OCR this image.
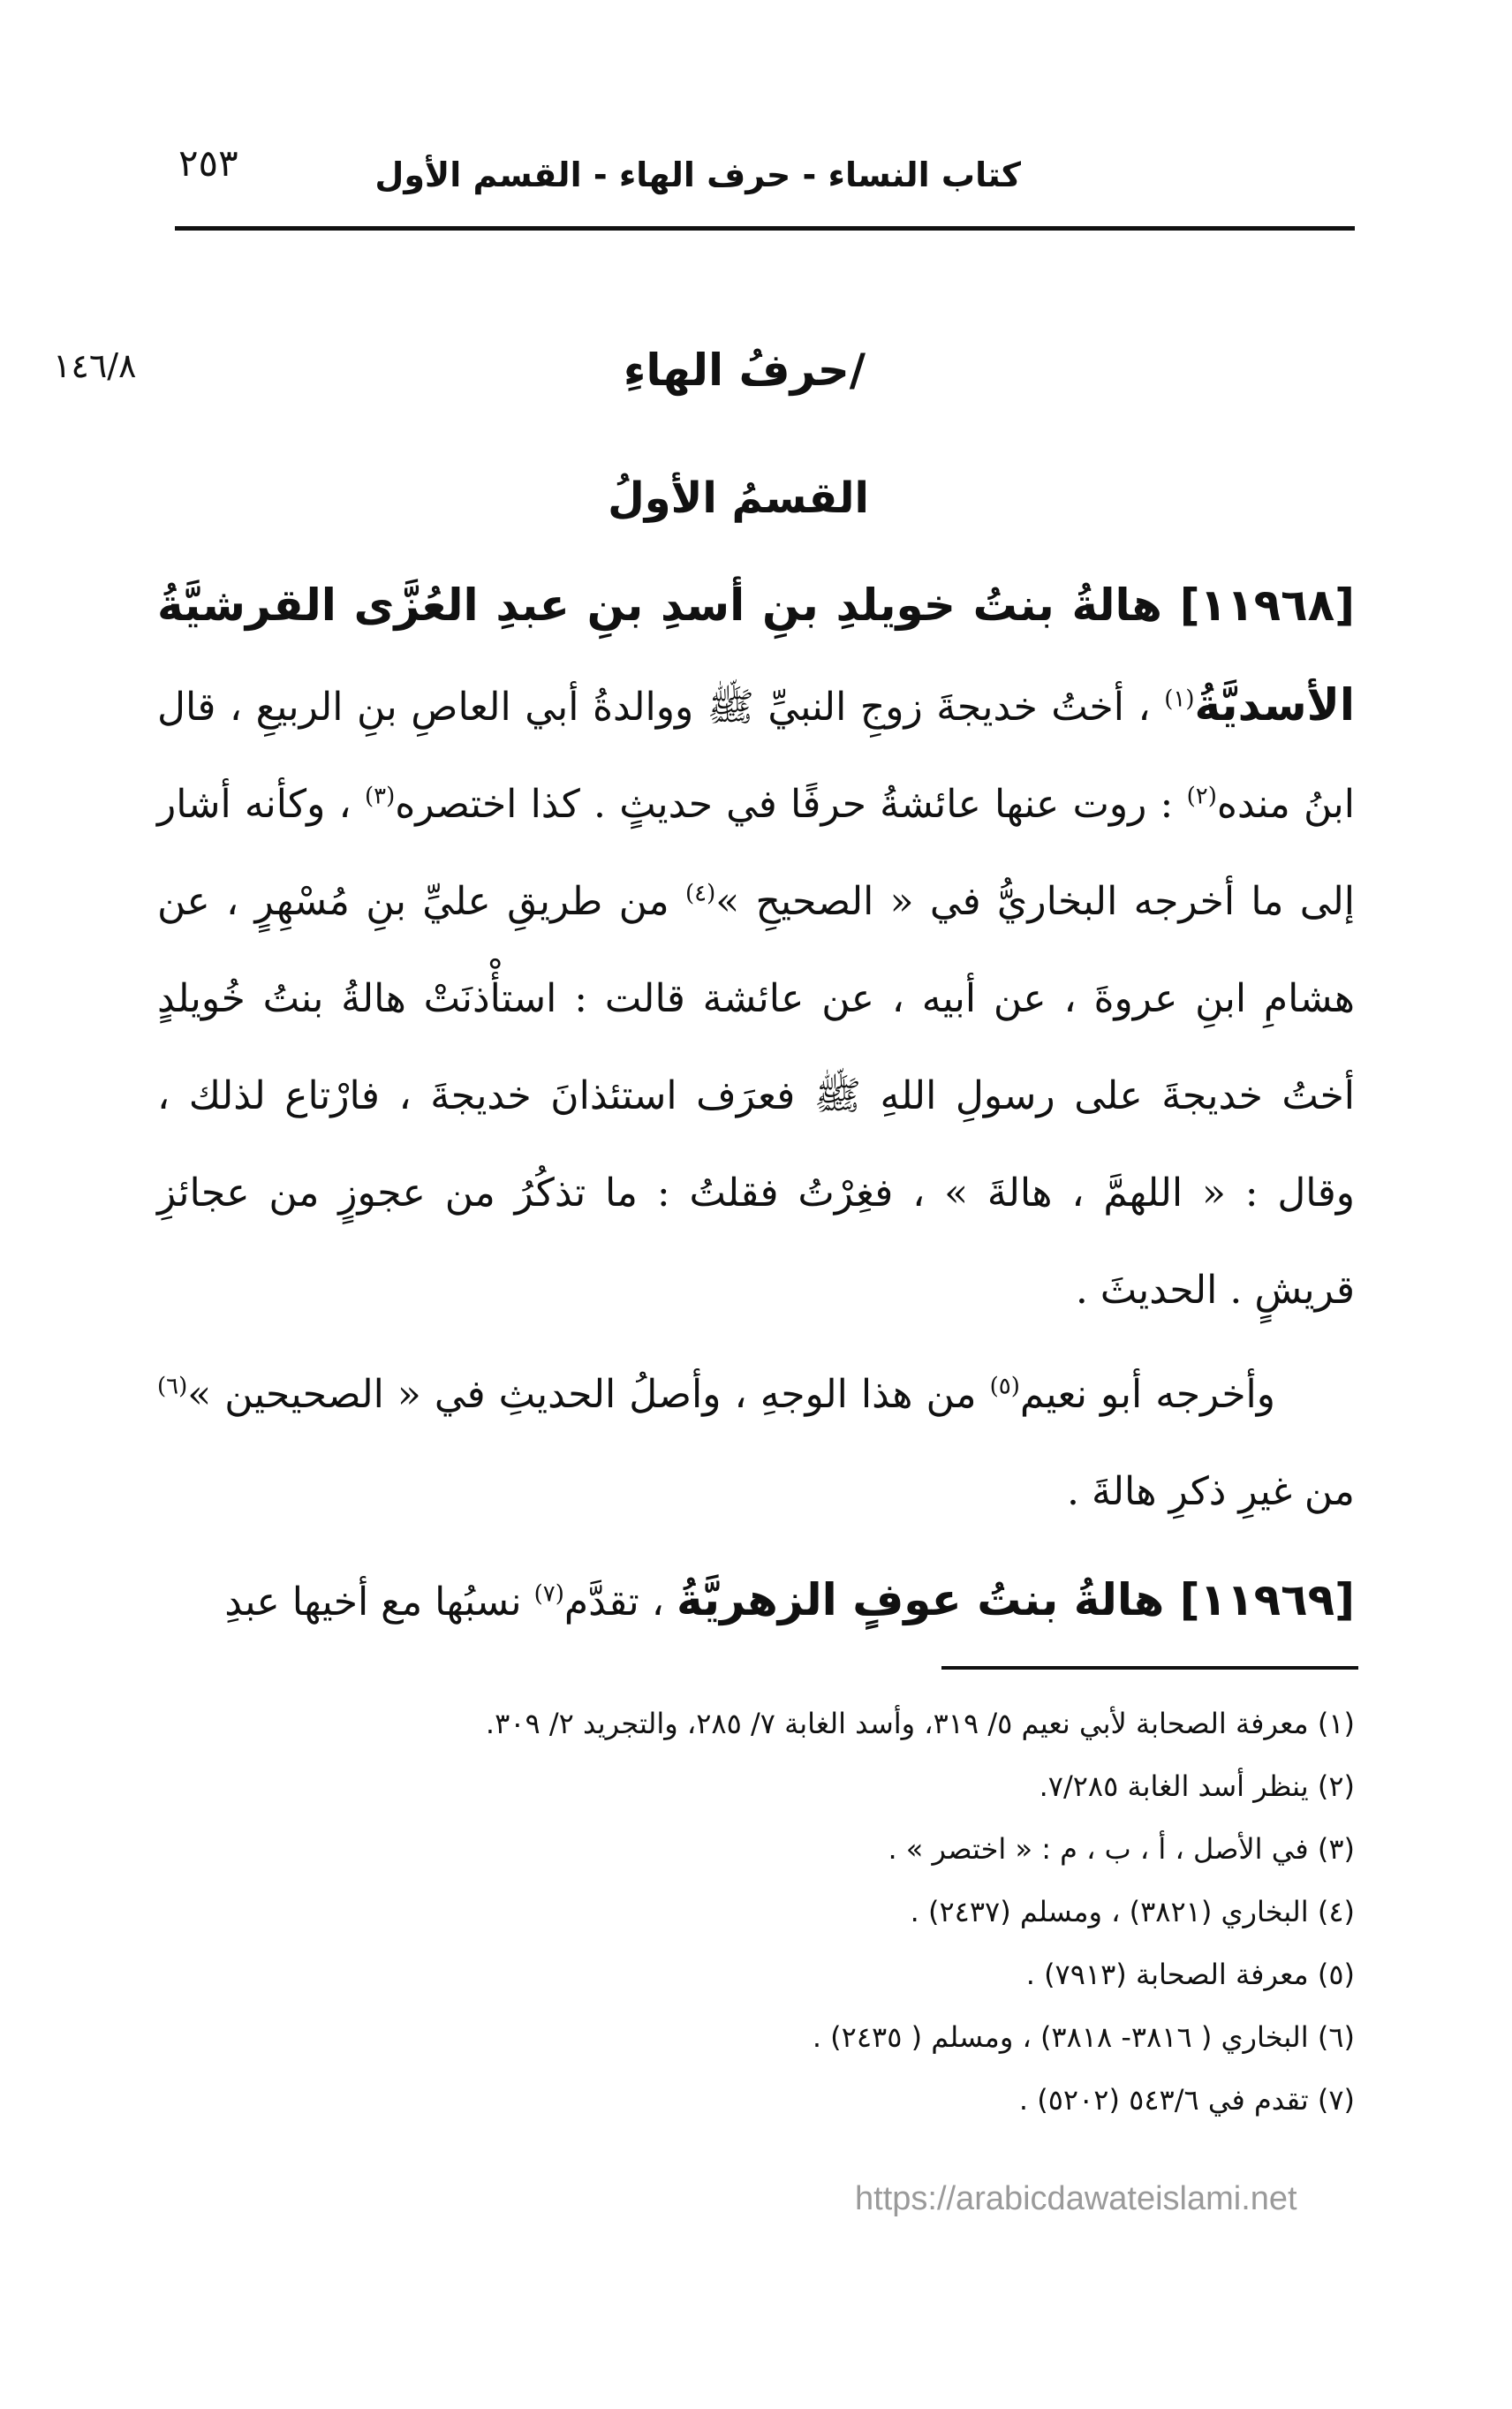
كتاب النساء - حرف الهاء - القسم الأول
٢٥٣
١٤٦/٨	/حرفُ الهاءِ
القسمُ الأولُ

[١١٩٦٨] هالةُ بنتُ خويلدِ بنِ أسدِ بنِ عبدِ العُزَّى القرشيَّةُ الأسديَّةُ$^{(١)}$ ، أختُ خديجةَ زوجِ النبيِّ ﷺ ووالدةُ أبي العاصِ بنِ الربيعِ ، قال ابنُ منده$^{(٢)}$ : روت عنها عائشةُ حرفًا في حديثٍ . كذا اختصره$^{(٣)}$ ، وكأنه أشار إلى ما أخرجه البخاريُّ في « الصحيحِ »$^{(٤)}$ من طريقِ عليِّ بنِ مُسْهِرٍ ، عن هشامِ ابنِ عروةَ ، عن أبيه ، عن عائشة قالت : استأْذنَتْ هالةُ بنتُ خُويلدٍ أختُ خديجةَ على رسولِ اللهِ ﷺ فعرَف استئذانَ خديجةَ ، فارْتاع لذلك ، وقال : « اللهمَّ ، هالةَ » ، فغِرْتُ فقلتُ : ما تذكُرُ من عجوزٍ من عجائزِ قريشٍ . الحديثَ .

وأخرجه أبو نعيم$^{(٥)}$ من هذا الوجهِ ، وأصلُ الحديثِ في « الصحيحين »$^{(٦)}$ من غيرِ ذكرِ هالةَ .

[١١٩٦٩] هالةُ بنتُ عوفٍ الزهريَّةُ ، تقدَّم$^{(٧)}$ نسبُها مع أخيها عبدِ

(١) معرفة الصحابة لأبي نعيم ٥/ ٣١٩، وأسد الغابة ٧/ ٢٨٥، والتجريد ٢/ ٣٠٩.
(٢) ينظر أسد الغابة ٧/٢٨٥.
(٣) في الأصل ، أ ، ب ، م : « اختصر » .
(٤) البخاري (٣٨٢١) ، ومسلم (٢٤٣٧) .
(٥) معرفة الصحابة (٧٩١٣) .
(٦) البخاري ( ٣٨١٦- ٣٨١٨) ، ومسلم ( ٢٤٣٥) .
(٧) تقدم في ٥٤٣/٦ (٥٢٠٢) .
https://arabicdawateislami.net
